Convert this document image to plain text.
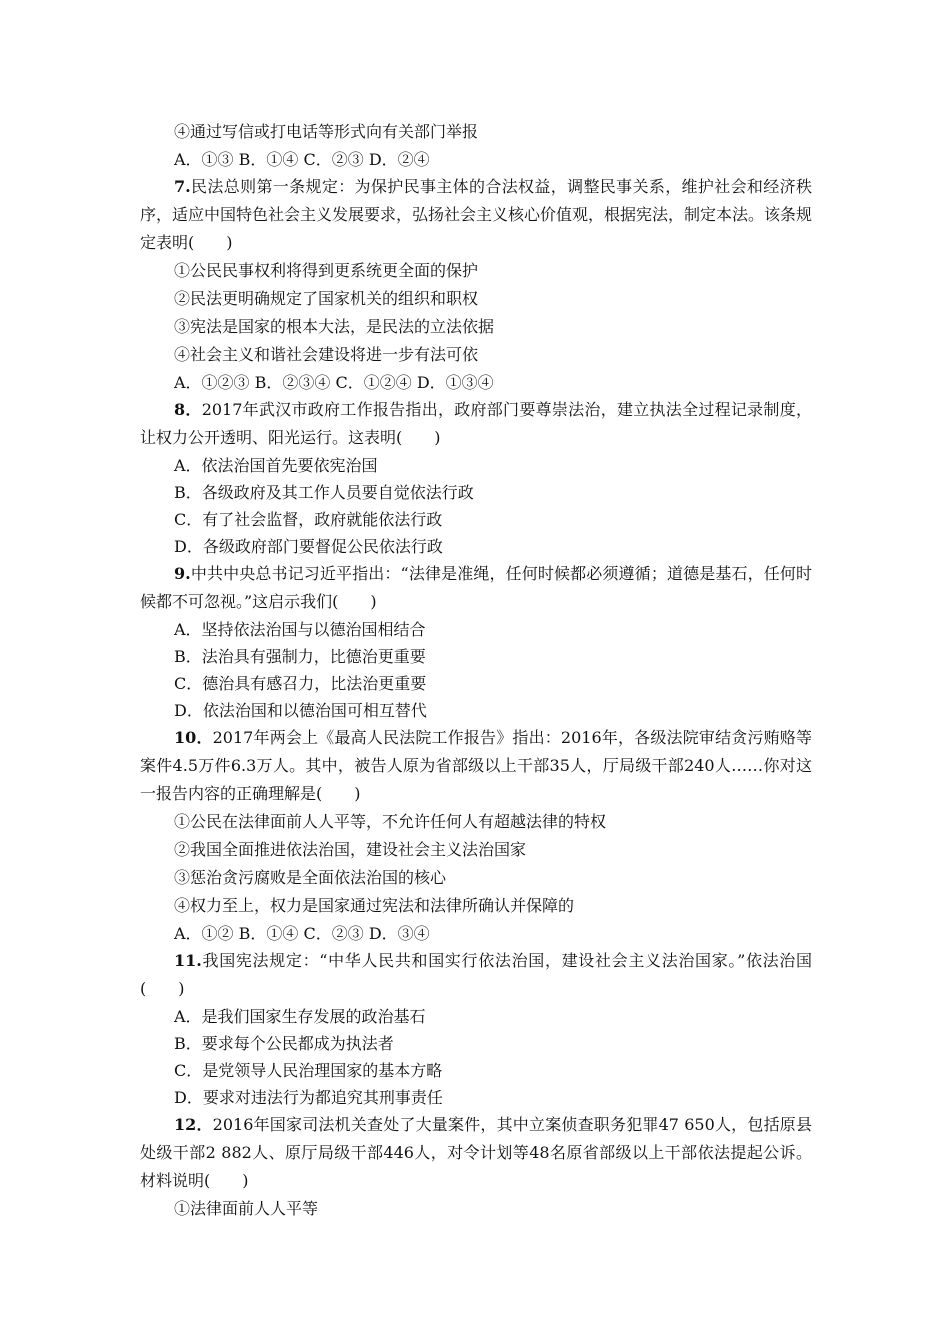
④通过写信或打电话等形式向有关部门举报
A．①③ B．①④ C．②③ D．②④
7.民法总则第一条规定：为保护民事主体的合法权益，调整民事关系，维护社会和经济秩序，适应中国特色社会主义发展要求，弘扬社会主义核心价值观，根据宪法，制定本法。该条规定表明(　　)
①公民民事权利将得到更系统更全面的保护
②民法更明确规定了国家机关的组织和职权
③宪法是国家的根本大法，是民法的立法依据
④社会主义和谐社会建设将进一步有法可依
A．①②③ B．②③④ C．①②④ D．①③④
8．2017年武汉市政府工作报告指出，政府部门要尊崇法治，建立执法全过程记录制度，让权力公开透明、阳光运行。这表明(　　)
A．依法治国首先要依宪治国
B．各级政府及其工作人员要自觉依法行政
C．有了社会监督，政府就能依法行政
D．各级政府部门要督促公民依法行政
9.中共中央总书记习近平指出：“法律是准绳，任何时候都必须遵循；道德是基石，任何时候都不可忽视。”这启示我们(　　)
A．坚持依法治国与以德治国相结合
B．法治具有强制力，比德治更重要
C．德治具有感召力，比法治更重要
D．依法治国和以德治国可相互替代
10．2017年两会上《最高人民法院工作报告》指出：2016年，各级法院审结贪污贿赂等案件4.5万件6.3万人。其中，被告人原为省部级以上干部35人，厅局级干部240人……你对这一报告内容的正确理解是(　　)
①公民在法律面前人人平等，不允许任何人有超越法律的特权
②我国全面推进依法治国，建设社会主义法治国家
③惩治贪污腐败是全面依法治国的核心
④权力至上，权力是国家通过宪法和法律所确认并保障的
A．①② B．①④ C．②③ D．③④
11.我国宪法规定：“中华人民共和国实行依法治国，建设社会主义法治国家。”依法治国(　　)
A．是我们国家生存发展的政治基石
B．要求每个公民都成为执法者
C．是党领导人民治理国家的基本方略
D．要求对违法行为都追究其刑事责任
12．2016年国家司法机关查处了大量案件，其中立案侦查职务犯罪47 650人，包括原县处级干部2 882人、原厅局级干部446人，对令计划等48名原省部级以上干部依法提起公诉。材料说明(　　)
①法律面前人人平等
